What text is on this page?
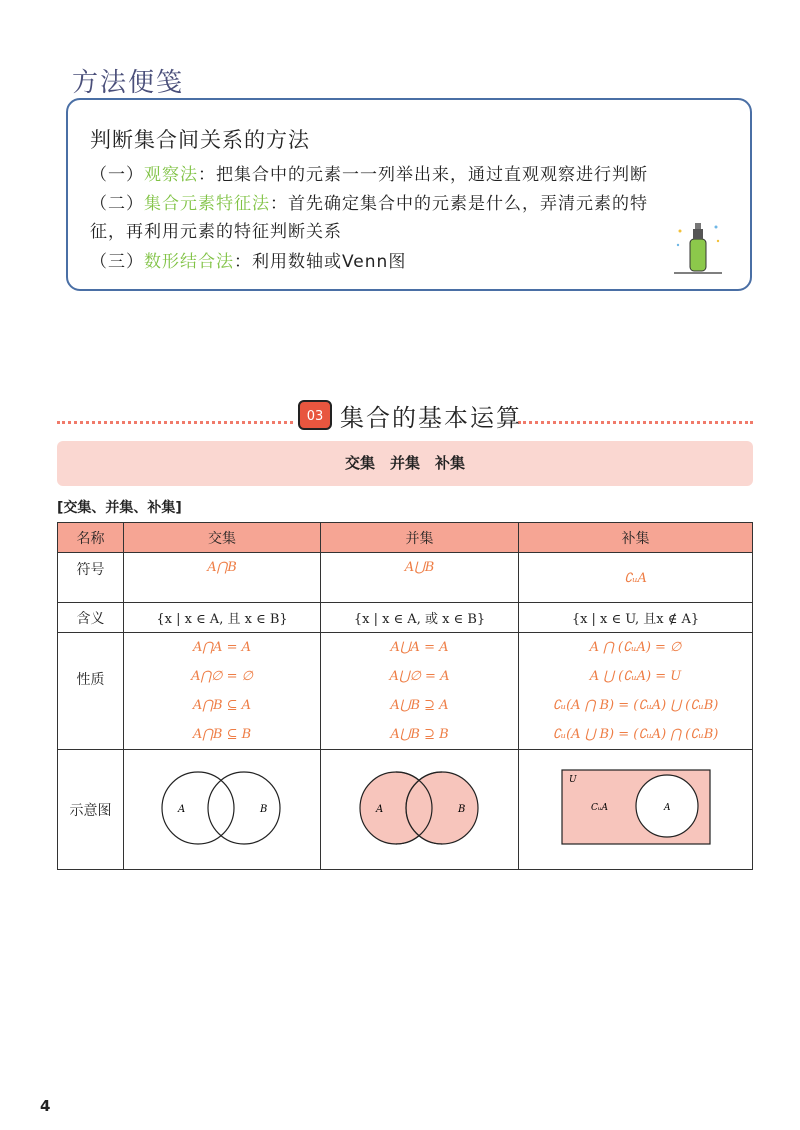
方法便笺
判断集合间关系的方法
（一）观察法：把集合中的元素一一列举出来，通过直观观察进行判断
（二）集合元素特征法：首先确定集合中的元素是什么，弄清元素的特
征，再利用元素的特征判断关系
（三）数形结合法：利用数轴或Venn图
03 集合的基本运算
交集　并集　补集
[交集、并集、补集]
名称	交集	并集	补集
符号	A⋂B	A⋃B	∁ᵤA
含义	{x | x ∈ A, 且 x ∈ B}	{x | x ∈ A, 或 x ∈ B}	{x | x ∈ U, 且x ∉ A}
性质	A⋂A = A
A⋂∅ = ∅
A⋂B ⊆ A
A⋂B ⊆ B	A⋃A = A
A⋃∅ = A
A⋃B ⊇ A
A⋃B ⊇ B	A ⋂ (∁ᵤA) = ∅
A ⋃ (∁ᵤA) = U
∁ᵤ(A ⋂ B) = (∁ᵤA) ⋃ (∁ᵤB)
∁ᵤ(A ⋃ B) = (∁ᵤA) ⋂ (∁ᵤB)

示意图	A B	A B	U
CᵤA A
4
